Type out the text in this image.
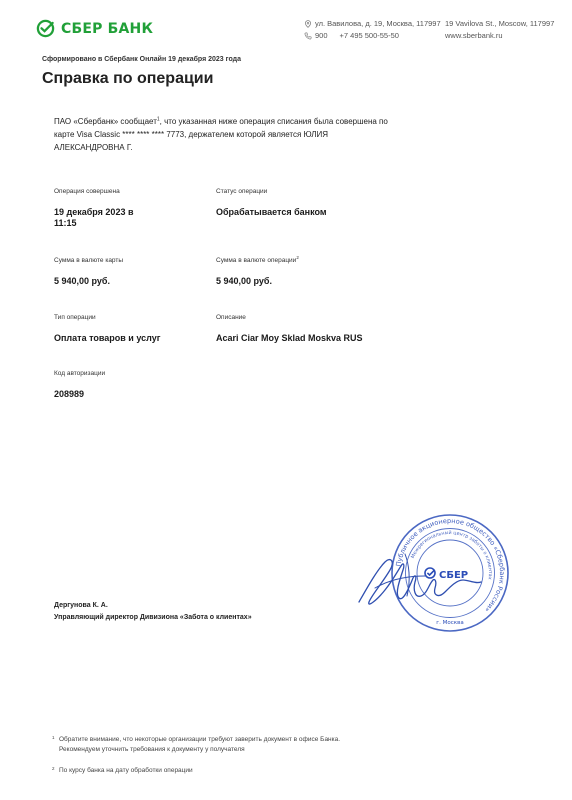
СБЕР БАНК	ул. Вавилова, д. 19, Москва, 117997
900 +7 495 500-55-50
19 Vavilova St., Moscow, 117997
www.sberbank.ru
Сформировано в Сбербанк Онлайн 19 декабря 2023 года
Справка по операции
ПАО «Сбербанк» сообщает$^1$, что указанная ниже операция списания была совершена по карте Visa Classic **** **** **** 7773, держателем которой является ЮЛИЯ АЛЕКСАНДРОВНА Г.
Операция совершена
19 декабря 2023 в 11:15
Статус операции
Обрабатывается банком
Сумма в валюте карты
5 940,00 руб.
Сумма в валюте операции$^2$
5 940,00 руб.
Тип операции
Оплата товаров и услуг
Описание
Acari Ciar Moy Sklad Moskva RUS
Код авторизации
208989
Публичное акционерное общество «Сбербанк России»
Межрегиональный центр заботы о клиентах
СБЕР
г. Москва
Дергунова К. А.
Управляющий директор Дивизиона «Забота о клиентах»
1 Обратите внимание, что некоторые организации требуют заверить документ в офисе Банка. Рекомендуем уточнить требования к документу у получателя
2 По курсу банка на дату обработки операции
